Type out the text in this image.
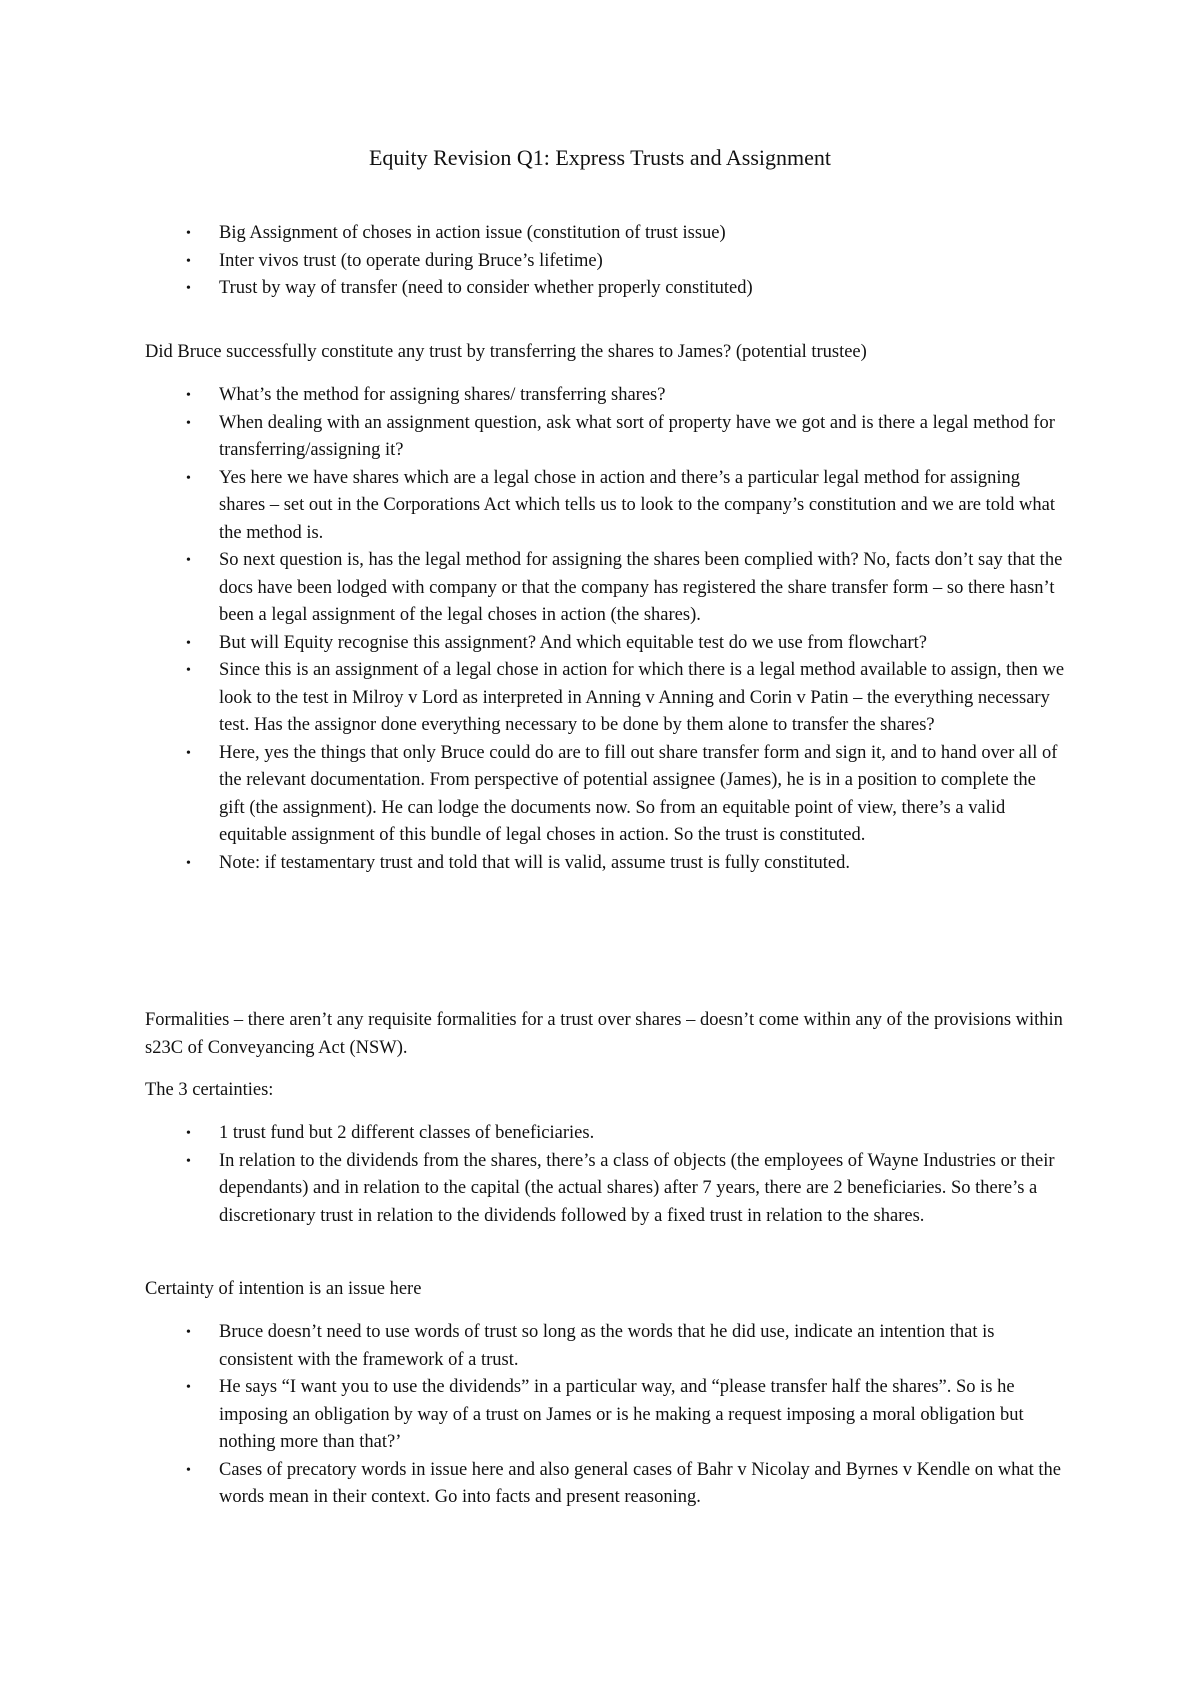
Equity Revision Q1: Express Trusts and Assignment
• Big Assignment of choses in action issue (constitution of trust issue)
• Inter vivos trust (to operate during Bruce’s lifetime)
• Trust by way of transfer (need to consider whether properly constituted)

Did Bruce successfully constitute any trust by transferring the shares to James? (potential trustee)

• What’s the method for assigning shares/ transferring shares?
• When dealing with an assignment question, ask what sort of property have we got and is there a legal method for transferring/assigning it?
• Yes here we have shares which are a legal chose in action and there’s a particular legal method for assigning shares – set out in the Corporations Act which tells us to look to the company’s constitution and we are told what the method is.
• So next question is, has the legal method for assigning the shares been complied with? No, facts don’t say that the docs have been lodged with company or that the company has registered the share transfer form – so there hasn’t been a legal assignment of the legal choses in action (the shares).
• But will Equity recognise this assignment? And which equitable test do we use from flowchart?
• Since this is an assignment of a legal chose in action for which there is a legal method available to assign, then we look to the test in Milroy v Lord as interpreted in Anning v Anning and Corin v Patin – the everything necessary test. Has the assignor done everything necessary to be done by them alone to transfer the shares?
• Here, yes the things that only Bruce could do are to fill out share transfer form and sign it, and to hand over all of the relevant documentation. From perspective of potential assignee (James), he is in a position to complete the gift (the assignment). He can lodge the documents now. So from an equitable point of view, there’s a valid equitable assignment of this bundle of legal choses in action. So the trust is constituted.
• Note: if testamentary trust and told that will is valid, assume trust is fully constituted.

Formalities – there aren’t any requisite formalities for a trust over shares – doesn’t come within any of the provisions within s23C of Conveyancing Act (NSW).

The 3 certainties:

• 1 trust fund but 2 different classes of beneficiaries.
• In relation to the dividends from the shares, there’s a class of objects (the employees of Wayne Industries or their dependants) and in relation to the capital (the actual shares) after 7 years, there are 2 beneficiaries. So there’s a discretionary trust in relation to the dividends followed by a fixed trust in relation to the shares.

Certainty of intention is an issue here

• Bruce doesn’t need to use words of trust so long as the words that he did use, indicate an intention that is consistent with the framework of a trust.
• He says “I want you to use the dividends” in a particular way, and “please transfer half the shares”. So is he imposing an obligation by way of a trust on James or is he making a request imposing a moral obligation but nothing more than that?’
• Cases of precatory words in issue here and also general cases of Bahr v Nicolay and Byrnes v Kendle on what the words mean in their context. Go into facts and present reasoning.
